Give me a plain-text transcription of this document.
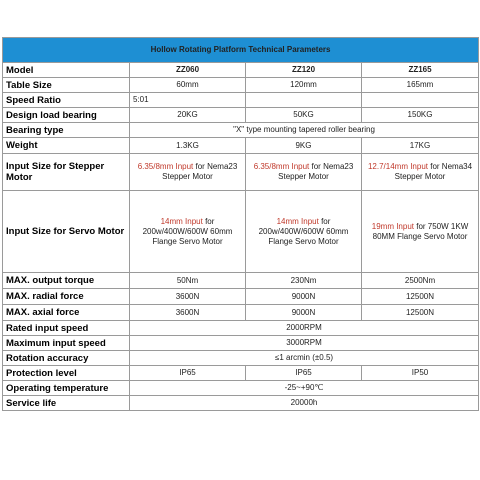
Hollow Rotating Platform Technical Parameters			
Model	ZZ060	ZZ120	ZZ165
Table Size	60mm	120mm	165mm
Speed Ratio	5:01		
Design load bearing	20KG	50KG	150KG
Bearing type	"X" type mounting tapered roller bearing		
Weight	1.3KG	9KG	17KG
Input Size for Stepper Motor	6.35/8mm Input for Nema23 Stepper Motor	6.35/8mm Input for Nema23 Stepper Motor	12.7/14mm Input for Nema34 Stepper Motor
Input Size for Servo Motor	14mm Input for 200w/400W/600W 60mm Flange Servo Motor	14mm Input for 200w/400W/600W 60mm Flange Servo Motor	19mm Input for 750W 1KW 80MM Flange Servo Motor
MAX. output torque	50Nm	230Nm	2500Nm
MAX. radial force	3600N	9000N	12500N
MAX. axial force	3600N	9000N	12500N
Rated input speed	2000RPM		
Maximum input speed	3000RPM		
Rotation accuracy	≤1 arcmin (±0.5)		
Protection level	IP65	IP65	IP50
Operating temperature	-25~+90℃		
Service life	20000h		
